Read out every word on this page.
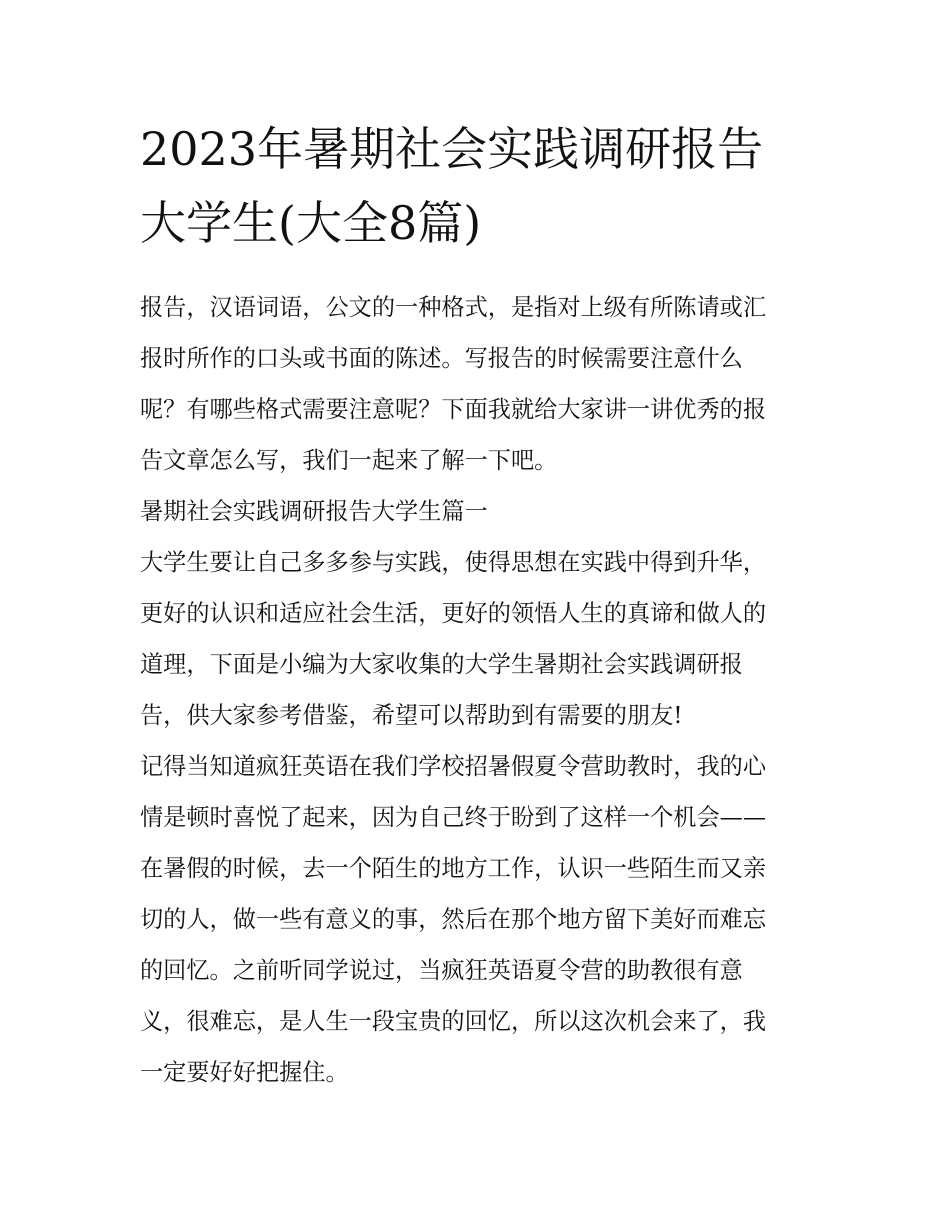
2023年暑期社会实践调研报告
大学生(大全8篇)

报告，汉语词语，公文的一种格式，是指对上级有所陈请或汇
报时所作的口头或书面的陈述。写报告的时候需要注意什么
呢？有哪些格式需要注意呢？下面我就给大家讲一讲优秀的报
告文章怎么写，我们一起来了解一下吧。

暑期社会实践调研报告大学生篇一

大学生要让自己多多参与实践，使得思想在实践中得到升华，
更好的认识和适应社会生活，更好的领悟人生的真谛和做人的
道理，下面是小编为大家收集的大学生暑期社会实践调研报
告，供大家参考借鉴，希望可以帮助到有需要的朋友!

记得当知道疯狂英语在我们学校招暑假夏令营助教时，我的心
情是顿时喜悦了起来，因为自己终于盼到了这样一个机会——
在暑假的时候，去一个陌生的地方工作，认识一些陌生而又亲
切的人，做一些有意义的事，然后在那个地方留下美好而难忘
的回忆。之前听同学说过，当疯狂英语夏令营的助教很有意
义，很难忘，是人生一段宝贵的回忆，所以这次机会来了，我
一定要好好把握住。
